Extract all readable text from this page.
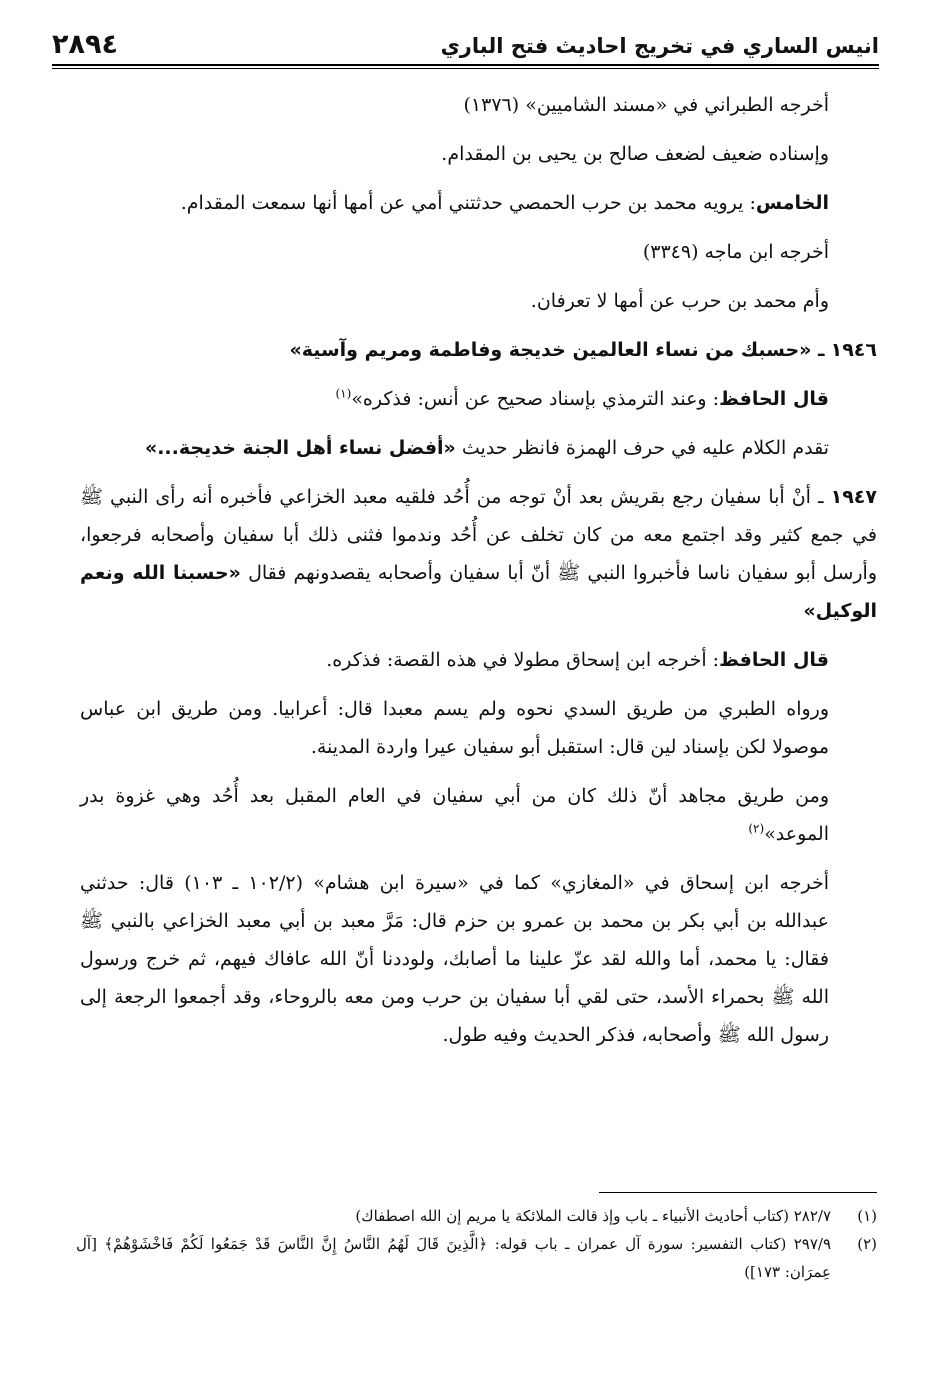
انيس الساري في تخريج احاديث فتح الباري
٢٨٩٤

أخرجه الطبراني في «مسند الشاميين» (١٣٧٦)

وإسناده ضعيف لضعف صالح بن يحيى بن المقدام.

الخامس: يرويه محمد بن حرب الحمصي حدثتني أمي عن أمها أنها سمعت المقدام.

أخرجه ابن ماجه (٣٣٤٩)

وأم محمد بن حرب عن أمها لا تعرفان.

١٩٤٦ ـ «حسبك من نساء العالمين خديجة وفاطمة ومريم وآسية»

قال الحافظ: وعند الترمذي بإسناد صحيح عن أنس: فذكره»$^{(١)}$

تقدم الكلام عليه في حرف الهمزة فانظر حديث «أفضل نساء أهل الجنة خديجة...»

١٩٤٧ ـ أنْ أبا سفيان رجع بقريش بعد أنْ توجه من أُحُد فلقيه معبد الخزاعي فأخبره أنه رأى النبي ﷺ في جمع كثير وقد اجتمع معه من كان تخلف عن أُحُد وندموا فثنى ذلك أبا سفيان وأصحابه فرجعوا، وأرسل أبو سفيان ناسا فأخبروا النبي ﷺ أنّ أبا سفيان وأصحابه يقصدونهم فقال «حسبنا الله ونعم الوكيل»

قال الحافظ: أخرجه ابن إسحاق مطولا في هذه القصة: فذكره.

ورواه الطبري من طريق السدي نحوه ولم يسم معبدا قال: أعرابيا. ومن طريق ابن عباس موصولا لكن بإسناد لين قال: استقبل أبو سفيان عيرا واردة المدينة.

ومن طريق مجاهد أنّ ذلك كان من أبي سفيان في العام المقبل بعد أُحُد وهي غزوة بدر الموعد»$^{(٢)}$

أخرجه ابن إسحاق في «المغازي» كما في «سيرة ابن هشام» (١٠٢/٢ ـ ١٠٣) قال: حدثني عبدالله بن أبي بكر بن محمد بن عمرو بن حزم قال: مَرَّ معبد بن أبي معبد الخزاعي بالنبي ﷺ فقال: يا محمد، أما والله لقد عزّ علينا ما أصابك، ولوددنا أنّ الله عافاك فيهم، ثم خرج ورسول الله ﷺ بحمراء الأسد، حتى لقي أبا سفيان بن حرب ومن معه بالروحاء، وقد أجمعوا الرجعة إلى رسول الله ﷺ وأصحابه، فذكر الحديث وفيه طول.

(١)
٢٨٢/٧ (كتاب أحاديث الأنبياء ـ باب وإذ قالت الملائكة يا مريم إن الله اصطفاك)

(٢)
٢٩٧/٩ (كتاب التفسير: سورة آل عمران ـ باب قوله: ﴿الَّذِينَ قَالَ لَهُمُ النَّاسُ إِنَّ النَّاسَ قَدْ جَمَعُوا لَكُمْ فَاخْشَوْهُمْ﴾ [آل عِمرَان: ١٧٣])
